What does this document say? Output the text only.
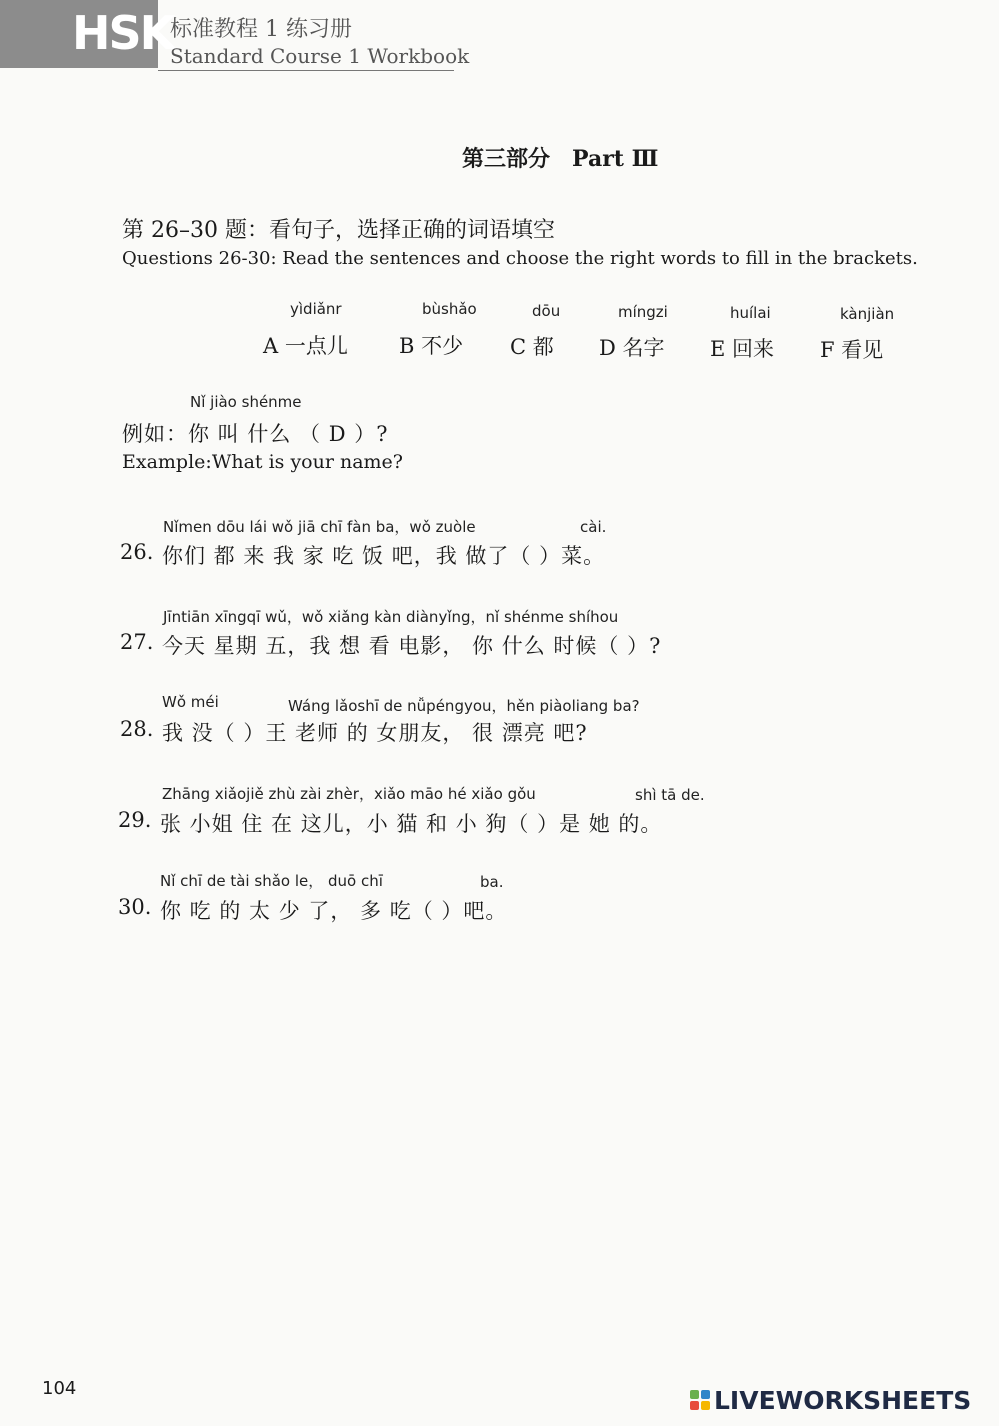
HSK
标准教程 1 练习册
Standard Course 1 Workbook
第三部分　Part Ⅲ
第 26–30 题：看句子，选择正确的词语填空
Questions 26-30: Read the sentences and choose the right words to fill in the brackets.
yìdiǎnr
A 一点儿
bùshǎo
B 不少
dōu
C 都
míngzi
D 名字
huílai
E 回来
kànjiàn
F 看见
Nǐ jiào shénme
例如：你 叫 什么 （ D ）?
Example:What is your name?
Nǐmen dōu lái wǒ jiā chī fàn ba，wǒ zuòle	cài.
26. 你们 都 来 我 家 吃 饭 吧，我 做了（ ）菜。
Jīntiān xīngqī wǔ，wǒ xiǎng kàn diànyǐng，nǐ shénme shíhou
27. 今天 星期 五，我 想 看 电影， 你 什么 时候（ ）?
Wǒ méi	Wáng lǎoshī de nǚpéngyou，hěn piàoliang ba?
28. 我 没（ ）王 老师 的 女朋友， 很 漂亮 吧?
Zhāng xiǎojiě zhù zài zhèr，xiǎo māo hé xiǎo gǒu	shì tā de.
29. 张 小姐 住 在 这儿，小 猫 和 小 狗（ ）是 她 的。
Nǐ chī de tài shǎo le， duō chī	ba.
30. 你 吃 的 太 少 了， 多 吃（ ）吧。
104	LIVEWORKSHEETS
